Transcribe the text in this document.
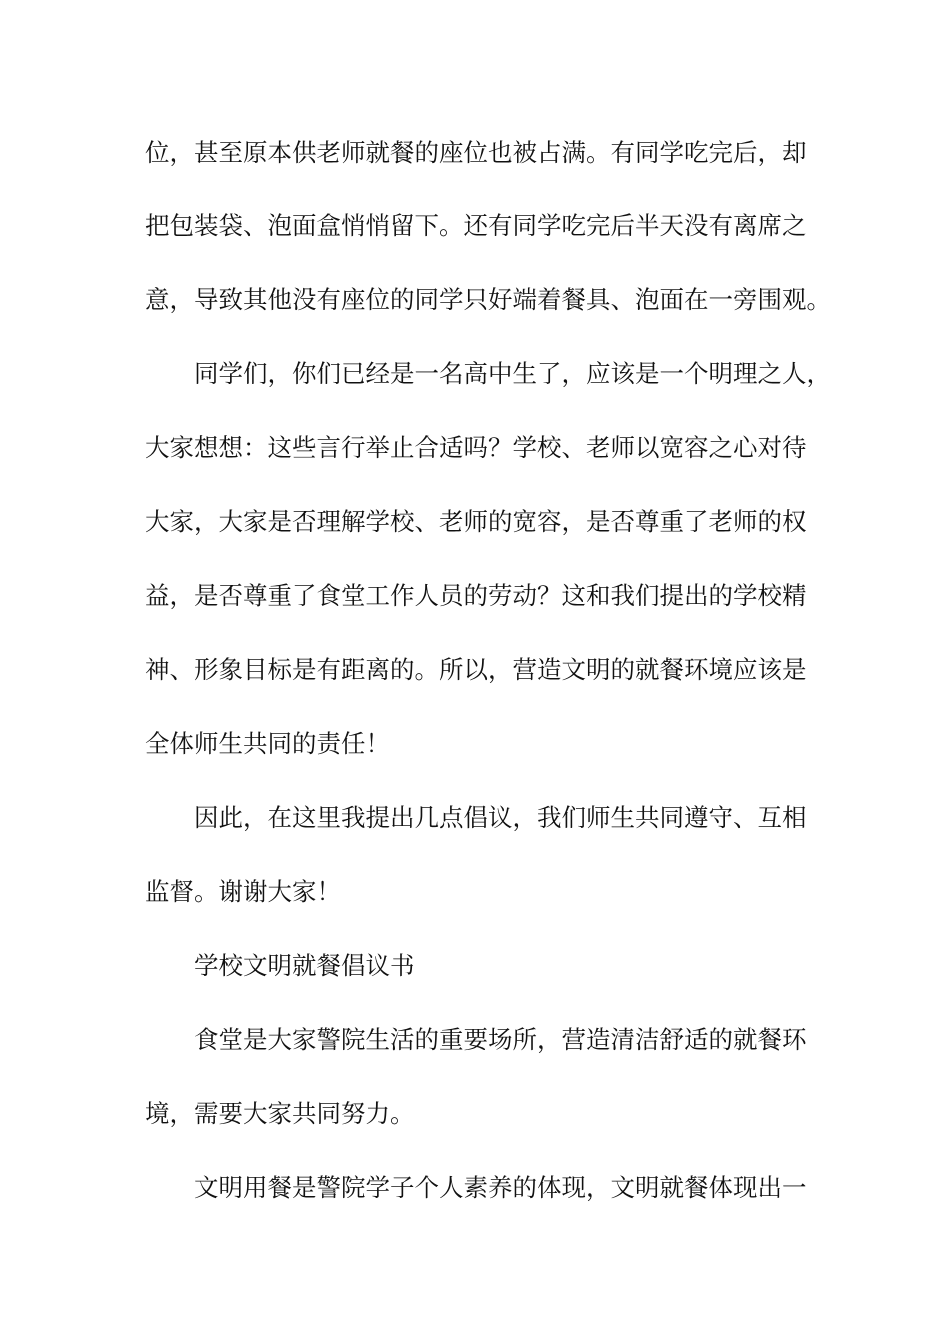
位，甚至原本供老师就餐的座位也被占满。有同学吃完后，却
把包装袋、泡面盒悄悄留下。还有同学吃完后半天没有离席之
意，导致其他没有座位的同学只好端着餐具、泡面在一旁围观。
同学们，你们已经是一名高中生了，应该是一个明理之人，
大家想想：这些言行举止合适吗？学校、老师以宽容之心对待
大家，大家是否理解学校、老师的宽容，是否尊重了老师的权
益，是否尊重了食堂工作人员的劳动？这和我们提出的学校精
神、形象目标是有距离的。所以，营造文明的就餐环境应该是
全体师生共同的责任！
因此，在这里我提出几点倡议，我们师生共同遵守、互相
监督。谢谢大家！
学校文明就餐倡议书
食堂是大家警院生活的重要场所，营造清洁舒适的就餐环
境，需要大家共同努力。
文明用餐是警院学子个人素养的体现，文明就餐体现出一
